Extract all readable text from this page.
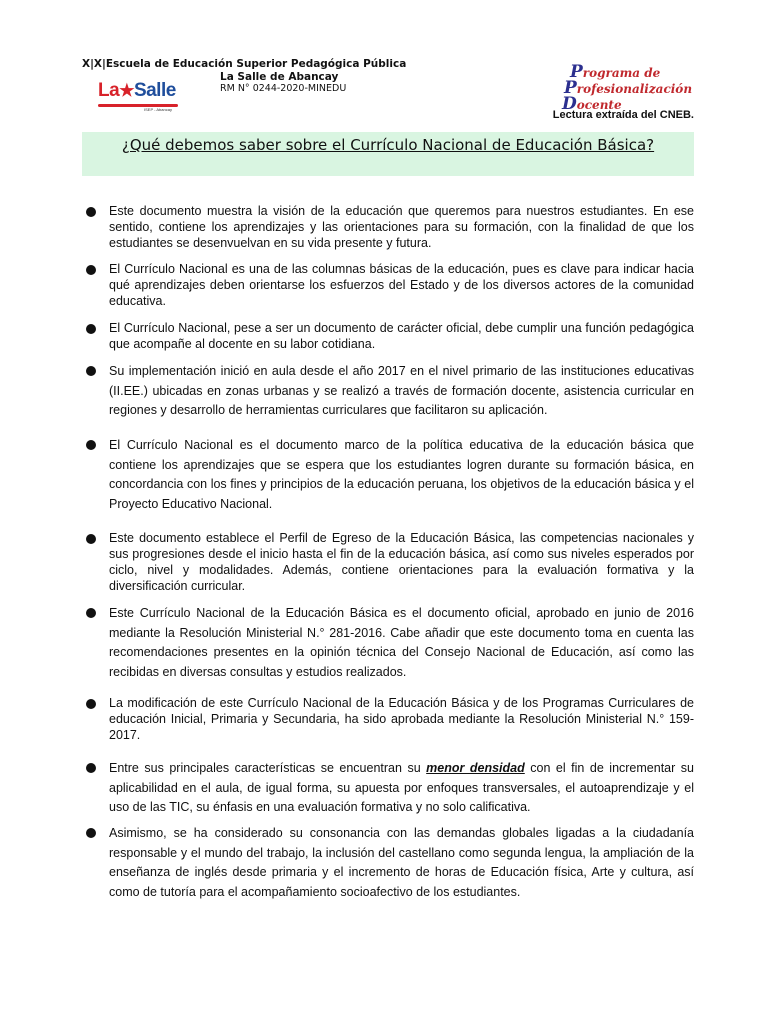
X|X|Escuela de Educación Superior Pedagógica Pública
La Salle de Abancay
RM N° 0244-2020-MINEDU
La★Salle
ISEP - Abancay
Programa de
Profesionalización
Docente
Lectura extraída del CNEB.
¿Qué debemos saber sobre el Currículo Nacional de Educación Básica?
Este documento muestra la visión de la educación que queremos para nuestros estudiantes. En ese sentido, contiene los aprendizajes y las orientaciones para su formación, con la finalidad de que los estudiantes se desenvuelvan en su vida presente y futura.
El Currículo Nacional es una de las columnas básicas de la educación, pues es clave para indicar hacia qué aprendizajes deben orientarse los esfuerzos del Estado y de los diversos actores de la comunidad educativa.
El Currículo Nacional, pese a ser un documento de carácter oficial, debe cumplir una función pedagógica que acompañe al docente en su labor cotidiana.
Su implementación inició en aula desde el año 2017 en el nivel primario de las instituciones educativas (II.EE.) ubicadas en zonas urbanas y se realizó a través de formación docente, asistencia curricular en regiones y desarrollo de herramientas curriculares que facilitaron su aplicación.
El Currículo Nacional es el documento marco de la política educativa de la educación básica que contiene los aprendizajes que se espera que los estudiantes logren durante su formación básica, en concordancia con los fines y principios de la educación peruana, los objetivos de la educación básica y el Proyecto Educativo Nacional.
Este documento establece el Perfil de Egreso de la Educación Básica, las competencias nacionales y sus progresiones desde el inicio hasta el fin de la educación básica, así como sus niveles esperados por ciclo, nivel y modalidades. Además, contiene orientaciones para la evaluación formativa y la diversificación curricular.
Este Currículo Nacional de la Educación Básica es el documento oficial, aprobado en junio de 2016 mediante la Resolución Ministerial N.° 281-2016. Cabe añadir que este documento toma en cuenta las recomendaciones presentes en la opinión técnica del Consejo Nacional de Educación, así como las recibidas en diversas consultas y estudios realizados.
La modificación de este Currículo Nacional de la Educación Básica y de los Programas Curriculares de educación Inicial, Primaria y Secundaria, ha sido aprobada mediante la Resolución Ministerial N.° 159-2017.
Entre sus principales características se encuentran su menor densidad con el fin de incrementar su aplicabilidad en el aula, de igual forma, su apuesta por enfoques transversales, el autoaprendizaje y el uso de las TIC, su énfasis en una evaluación formativa y no solo calificativa.
Asimismo, se ha considerado su consonancia con las demandas globales ligadas a la ciudadanía responsable y el mundo del trabajo, la inclusión del castellano como segunda lengua, la ampliación de la enseñanza de inglés desde primaria y el incremento de horas de Educación física, Arte y cultura, así como de tutoría para el acompañamiento socioafectivo de los estudiantes.
